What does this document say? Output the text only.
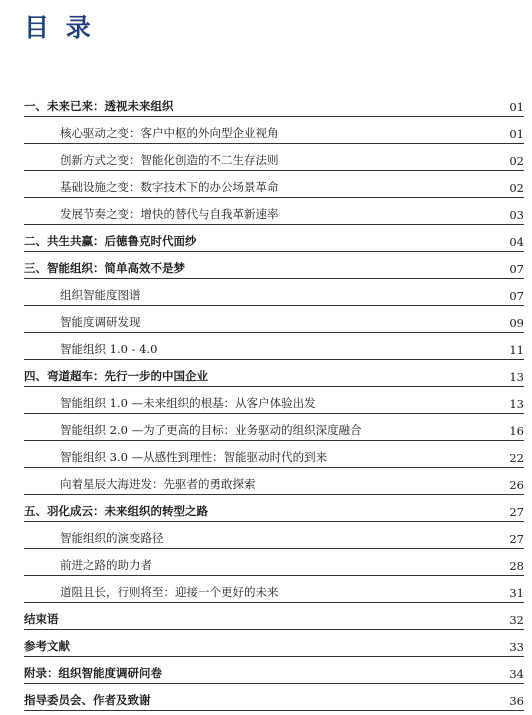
目 录
一、未来已来：透视未来组织	01
核心驱动之变：客户中枢的外向型企业视角	01
创新方式之变：智能化创造的不二生存法则	02
基础设施之变：数字技术下的办公场景革命	02
发展节奏之变：增快的替代与自我革新速率	03
二、共生共赢：后德鲁克时代面纱	04
三、智能组织：简单高效不是梦	07
组织智能度图谱	07
智能度调研发现	09
智能组织 1.0 - 4.0	11
四、弯道超车：先行一步的中国企业	13
智能组织 1.0 —未来组织的根基：从客户体验出发	13
智能组织 2.0 —为了更高的目标：业务驱动的组织深度融合	16
智能组织 3.0 —从感性到理性：智能驱动时代的到来	22
向着星辰大海进发：先驱者的勇敢探索	26
五、羽化成云：未来组织的转型之路	27
智能组织的演变路径	27
前进之路的助力者	28
道阻且长，行则将至：迎接一个更好的未来	31
结束语	32
参考文献	33
附录：组织智能度调研问卷	34
指导委员会、作者及致谢	36
